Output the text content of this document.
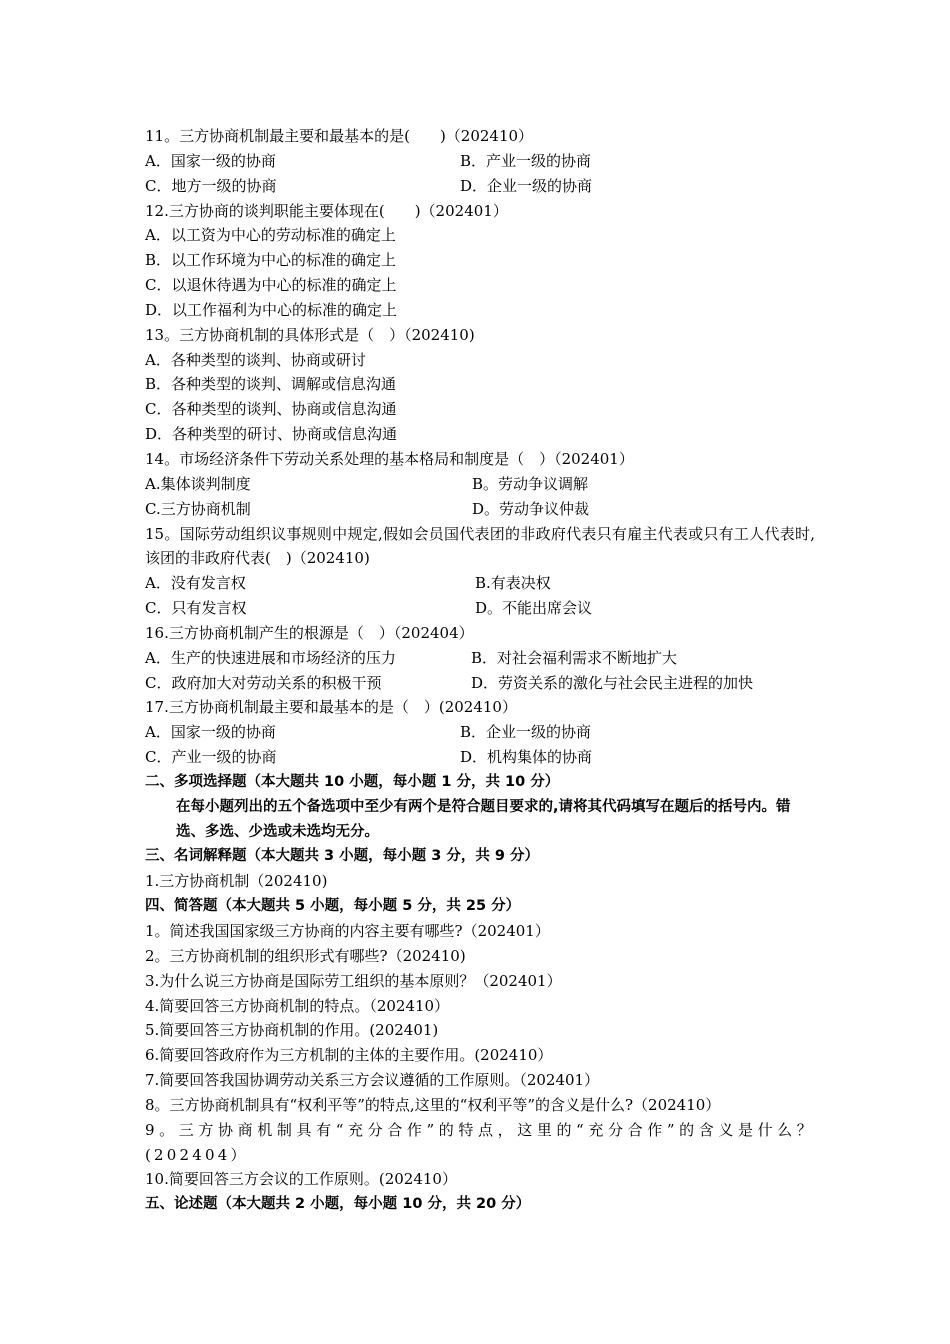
11。三方协商机制最主要和最基本的是(　　)（202410）
A．国家一级的协商	B．产业一级的协商
C．地方一级的协商	D．企业一级的协商
12.三方协商的谈判职能主要体现在(　　)（202401）
A．以工资为中心的劳动标准的确定上
B．以工作环境为中心的标准的确定上
C．以退休待遇为中心的标准的确定上
D．以工作福利为中心的标准的确定上
13。三方协商机制的具体形式是（　）（202410)
A．各种类型的谈判、协商或研讨
B．各种类型的谈判、调解或信息沟通
C．各种类型的谈判、协商或信息沟通
D．各种类型的研讨、协商或信息沟通
14。市场经济条件下劳动关系处理的基本格局和制度是（　）（202401）
A.集体谈判制度	B。劳动争议调解
C.三方协商机制	D。劳动争议仲裁
15。国际劳动组织议事规则中规定,假如会员国代表团的非政府代表只有雇主代表或只有工人代表时,该团的非政府代表(　)（202410)
A．没有发言权	B.有表决权
C．只有发言权	D。不能出席会议
16.三方协商机制产生的根源是（　）（202404）
A．生产的快速进展和市场经济的压力	B．对社会福利需求不断地扩大
C．政府加大对劳动关系的积极干预	D．劳资关系的激化与社会民主进程的加快
17.三方协商机制最主要和最基本的是（　）(202410）
A．国家一级的协商	B．企业一级的协商
C．产业一级的协商	D．机构集体的协商
二、多项选择题（本大题共 10 小题，每小题 1 分，共 10 分）
在每小题列出的五个备选项中至少有两个是符合题目要求的,请将其代码填写在题后的括号内。错选、多选、少选或未选均无分。
三、名词解释题（本大题共 3 小题，每小题 3 分，共 9 分）
1.三方协商机制（202410)
四、简答题（本大题共 5 小题，每小题 5 分，共 25 分）
1。简述我国国家级三方协商的内容主要有哪些?（202401）
2。三方协商机制的组织形式有哪些?（202410)
3.为什么说三方协商是国际劳工组织的基本原则？（202401）
4.简要回答三方协商机制的特点。（202410）
5.简要回答三方协商机制的作用。(202401)
6.简要回答政府作为三方机制的主体的主要作用。(202410）
7.简要回答我国协调劳动关系三方会议遵循的工作原则。（202401）
8。三方协商机制具有“权利平等”的特点,这里的“权利平等”的含义是什么?（202410）
9。三方协商机制具有“充分合作”的特点，这里的“充分合作”的含义是什么？(202404）
10.简要回答三方会议的工作原则。(202410）
五、论述题（本大题共 2 小题，每小题 10 分，共 20 分）
